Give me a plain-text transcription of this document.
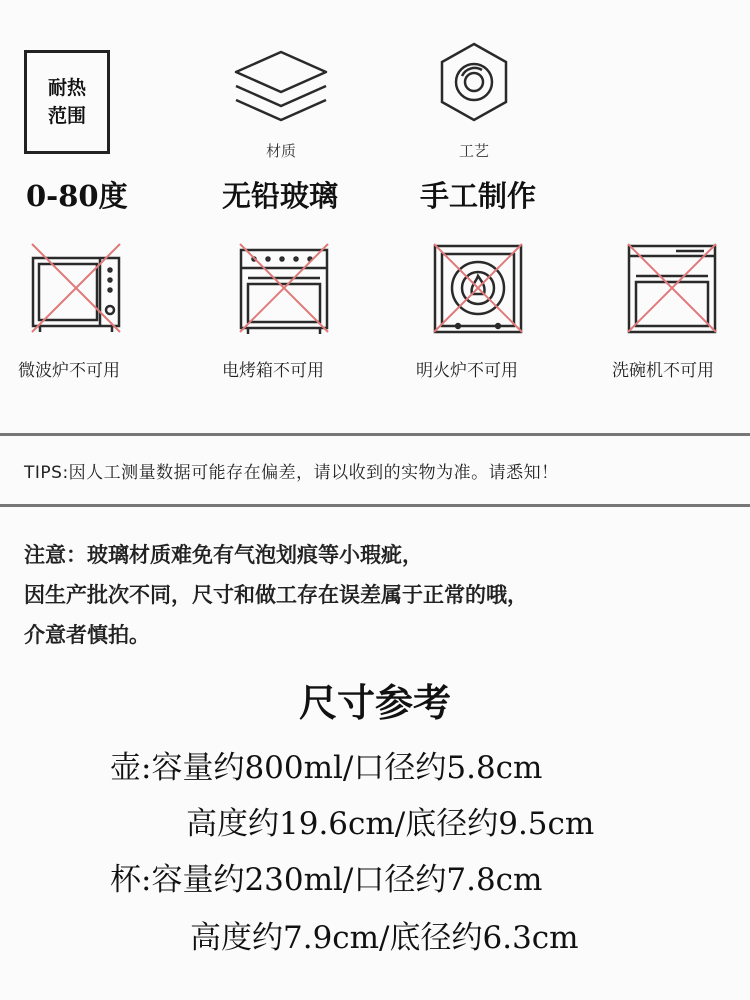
耐热
范围
材质	工艺
0-80度	无铅玻璃	手工制作
微波炉不可用	电烤箱不可用	明火炉不可用	洗碗机不可用
TIPS:因人工测量数据可能存在偏差，请以收到的实物为准。请悉知！
注意：玻璃材质难免有气泡划痕等小瑕疵，
因生产批次不同，尺寸和做工存在误差属于正常的哦，
介意者慎拍。
尺寸参考
壶:容量约800ml/口径约5.8cm
高度约19.6cm/底径约9.5cm
杯:容量约230ml/口径约7.8cm
高度约7.9cm/底径约6.3cm
